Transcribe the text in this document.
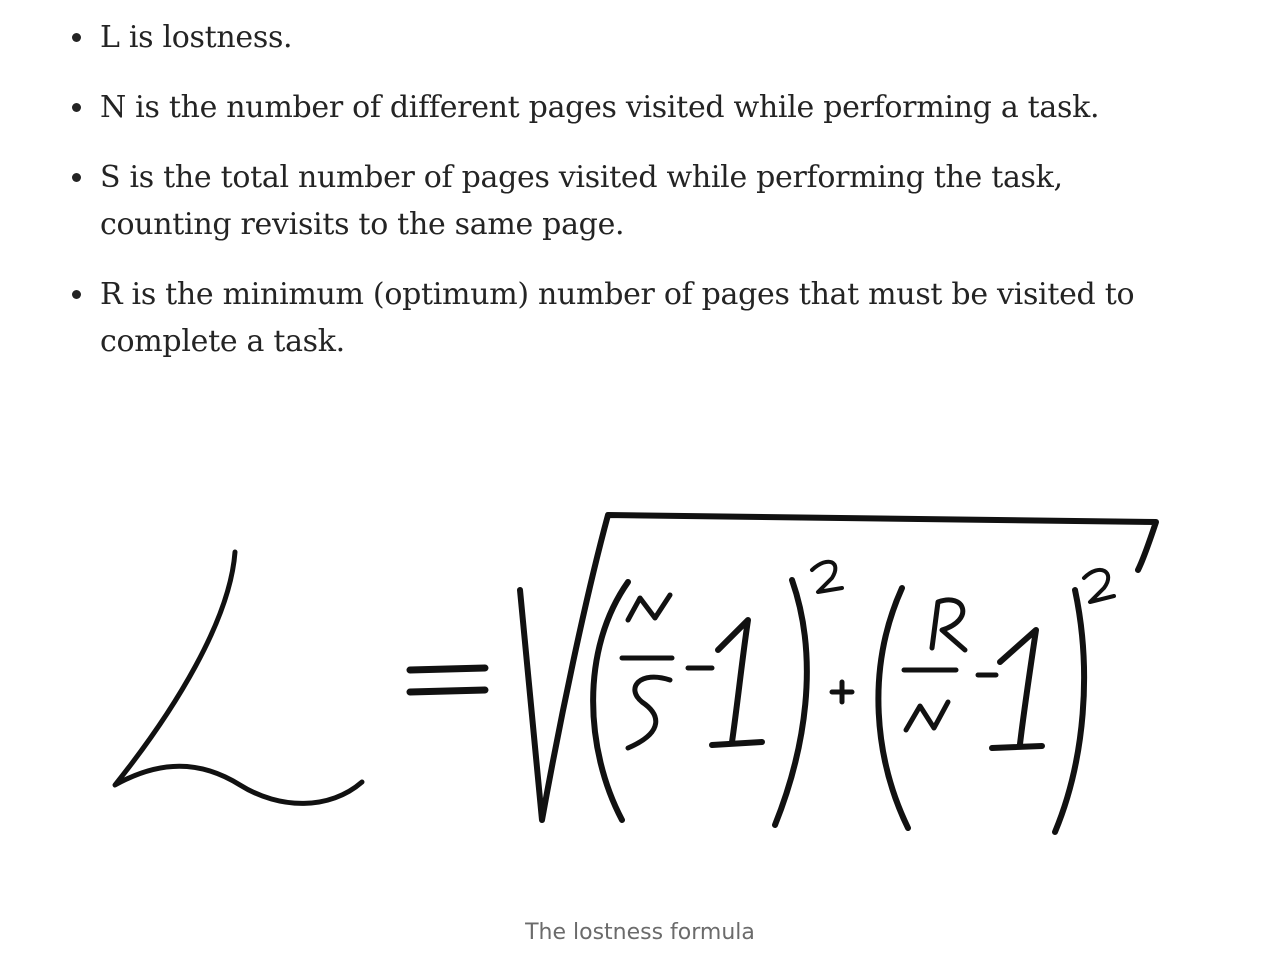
L is lostness.
N is the number of different pages visited while performing a task.
S is the total number of pages visited while performing the task, counting revisits to the same page.
R is the minimum (optimum) number of pages that must be visited to complete a task.

The lostness formula
